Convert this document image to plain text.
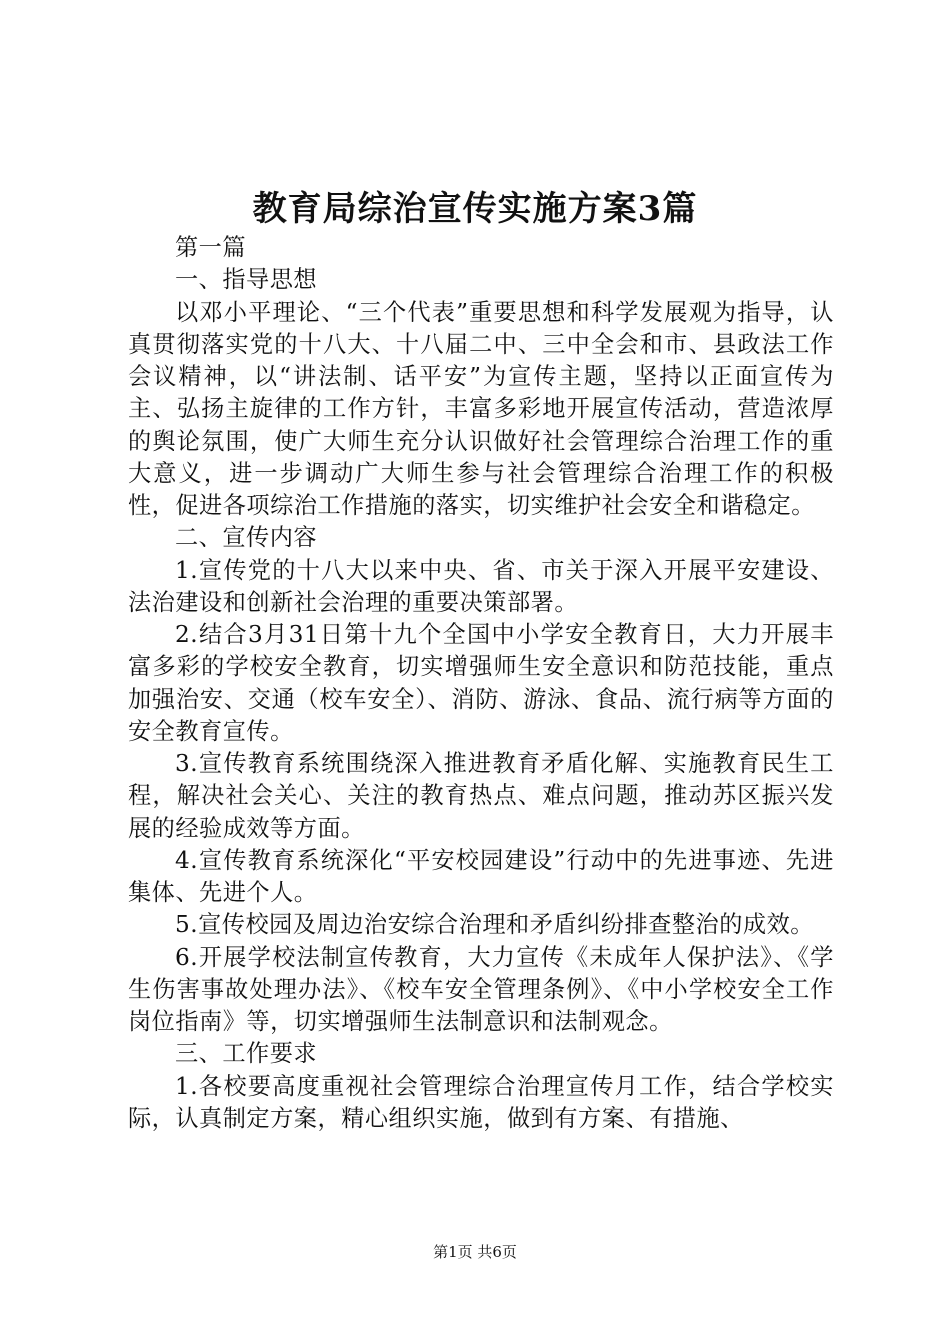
教育局综治宣传实施方案3篇

第一篇

一、指导思想

以邓小平理论、“三个代表”重要思想和科学发展观为指导，认真贯彻落实党的十八大、十八届二中、三中全会和市、县政法工作会议精神，以“讲法制、话平安”为宣传主题，坚持以正面宣传为主、弘扬主旋律的工作方针，丰富多彩地开展宣传活动，营造浓厚的舆论氛围，使广大师生充分认识做好社会管理综合治理工作的重大意义，进一步调动广大师生参与社会管理综合治理工作的积极性，促进各项综治工作措施的落实，切实维护社会安全和谐稳定。

二、宣传内容

1.宣传党的十八大以来中央、省、市关于深入开展平安建设、法治建设和创新社会治理的重要决策部署。

2.结合3月31日第十九个全国中小学安全教育日，大力开展丰富多彩的学校安全教育，切实增强师生安全意识和防范技能，重点加强治安、交通（校车安全）、消防、游泳、食品、流行病等方面的安全教育宣传。

3.宣传教育系统围绕深入推进教育矛盾化解、实施教育民生工程，解决社会关心、关注的教育热点、难点问题，推动苏区振兴发展的经验成效等方面。

4.宣传教育系统深化“平安校园建设”行动中的先进事迹、先进集体、先进个人。

5.宣传校园及周边治安综合治理和矛盾纠纷排查整治的成效。

6.开展学校法制宣传教育，大力宣传《未成年人保护法》、《学生伤害事故处理办法》、《校车安全管理条例》、《中小学校安全工作岗位指南》等，切实增强师生法制意识和法制观念。

三、工作要求

1.各校要高度重视社会管理综合治理宣传月工作，结合学校实际，认真制定方案，精心组织实施，做到有方案、有措施、

第1页 共6页
